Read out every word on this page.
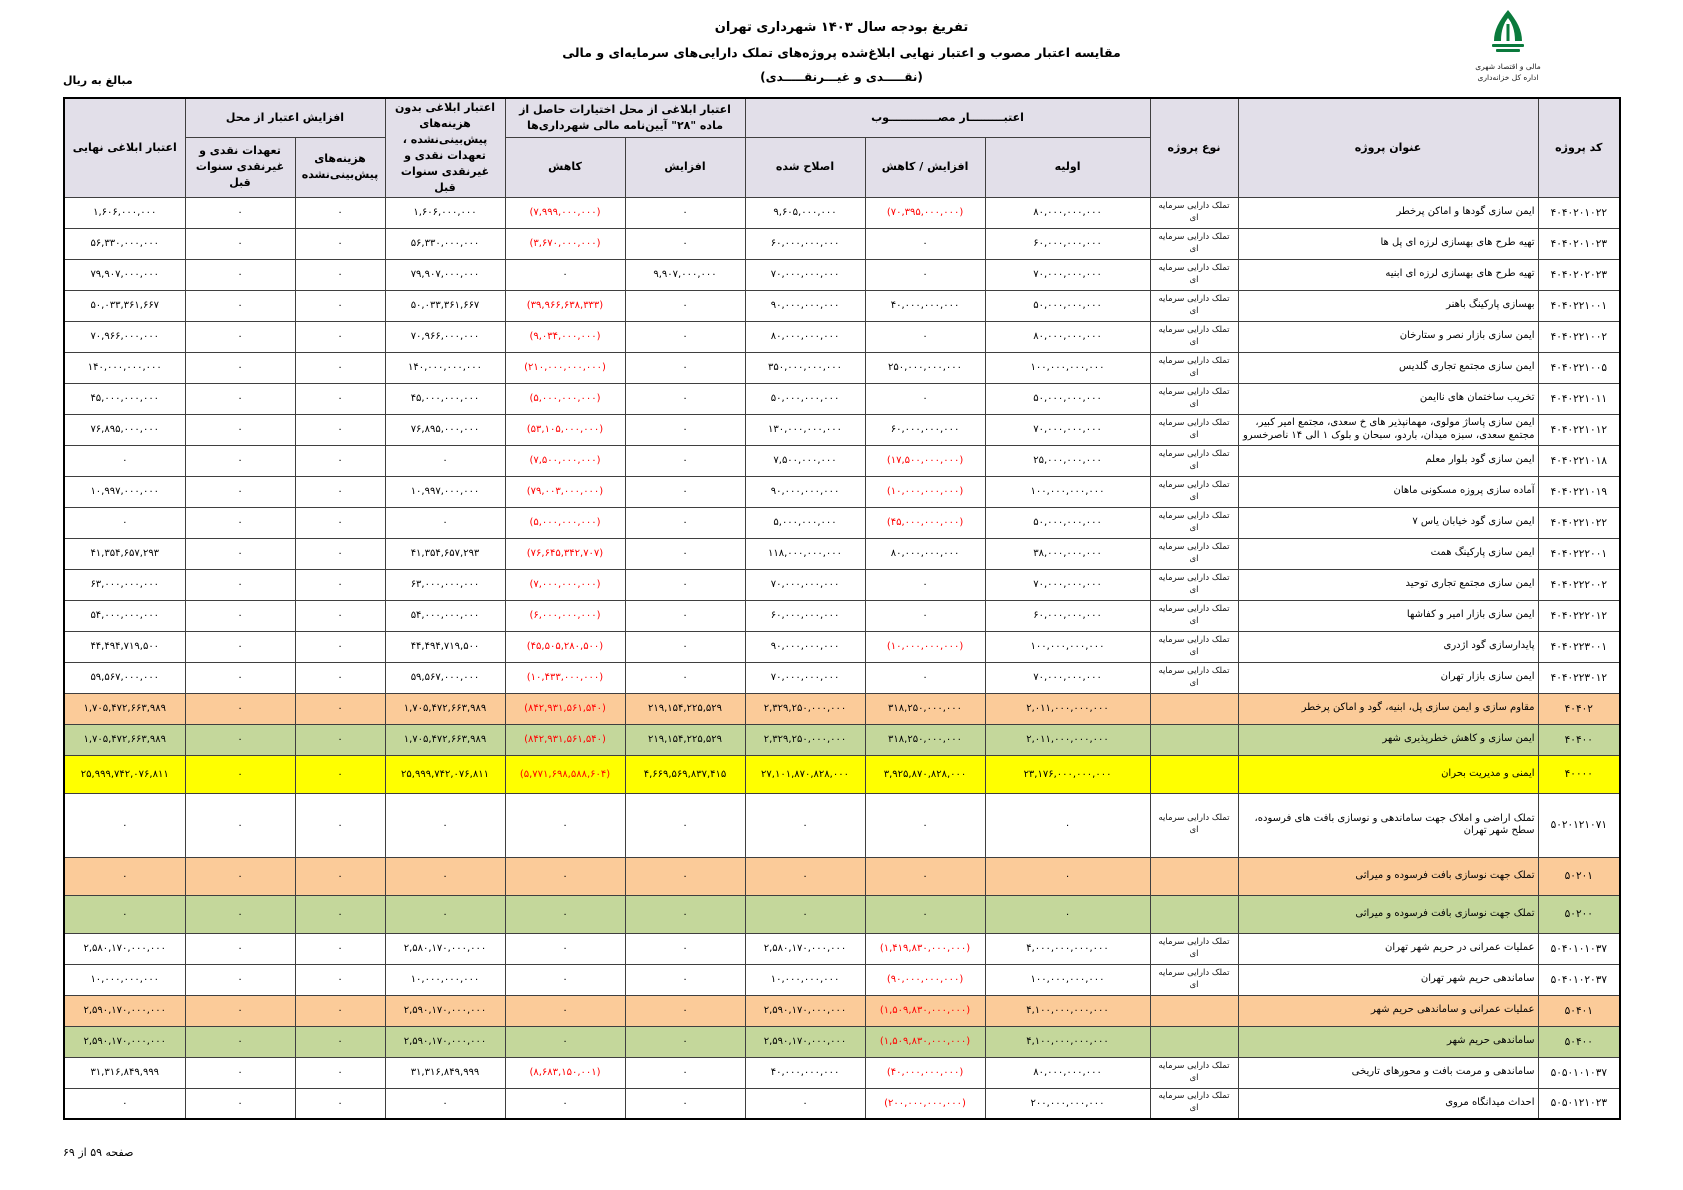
مالی و اقتصاد شهری
اداره کل خزانه‌داری
تفریغ بودجه سال ۱۴۰۳ شهرداری تهران
مقایسه اعتبار مصوب و اعتبار نهایی ابلاغ‌شده پروژه‌های تملک دارایی‌های سرمایه‌ای و مالی
(نقـــــدی و غیـــرنقـــــدی)
مبالغ به ریال
کد پروژه	عنوان پروژه	نوع پروژه	اعتبـــــــــار مصـــــــــــــوب			اعتبار ابلاغی از محل اختیارات حاصل از ماده "۲۸" آیین‌نامه مالی شهرداری‌ها		اعتبار ابلاغی بدون هزینه‌های پیش‌بینی‌نشده ، تعهدات نقدی و غیرنقدی سنوات قبل	افزایش اعتبار از محل		اعتبار ابلاغی نهایی
			اولیه	افزایش / کاهش	اصلاح شده	افزایش	کاهش		هزینه‌های پیش‌بینی‌نشده	تعهدات نقدی و غیرنقدی سنوات قبل	
۴۰۴۰۲۰۱۰۲۲	ایمن سازی گودها و اماکن پرخطر	تملک دارایی سرمایه ای	۸۰,۰۰۰,۰۰۰,۰۰۰	(۷۰,۳۹۵,۰۰۰,۰۰۰)	۹,۶۰۵,۰۰۰,۰۰۰	۰	(۷,۹۹۹,۰۰۰,۰۰۰)	۱,۶۰۶,۰۰۰,۰۰۰	۰	۰	۱,۶۰۶,۰۰۰,۰۰۰
۴۰۴۰۲۰۱۰۲۳	تهیه طرح های بهسازی لرزه ای پل ها	تملک دارایی سرمایه ای	۶۰,۰۰۰,۰۰۰,۰۰۰	۰	۶۰,۰۰۰,۰۰۰,۰۰۰	۰	(۳,۶۷۰,۰۰۰,۰۰۰)	۵۶,۳۳۰,۰۰۰,۰۰۰	۰	۰	۵۶,۳۳۰,۰۰۰,۰۰۰
۴۰۴۰۲۰۲۰۲۳	تهیه طرح های بهسازی لرزه ای ابنیه	تملک دارایی سرمایه ای	۷۰,۰۰۰,۰۰۰,۰۰۰	۰	۷۰,۰۰۰,۰۰۰,۰۰۰	۹,۹۰۷,۰۰۰,۰۰۰	۰	۷۹,۹۰۷,۰۰۰,۰۰۰	۰	۰	۷۹,۹۰۷,۰۰۰,۰۰۰
۴۰۴۰۲۲۱۰۰۱	بهسازی پارکینگ باهنر	تملک دارایی سرمایه ای	۵۰,۰۰۰,۰۰۰,۰۰۰	۴۰,۰۰۰,۰۰۰,۰۰۰	۹۰,۰۰۰,۰۰۰,۰۰۰	۰	(۳۹,۹۶۶,۶۳۸,۳۳۳)	۵۰,۰۳۳,۳۶۱,۶۶۷	۰	۰	۵۰,۰۳۳,۳۶۱,۶۶۷
۴۰۴۰۲۲۱۰۰۲	ایمن سازی بازار نصر و ستارخان	تملک دارایی سرمایه ای	۸۰,۰۰۰,۰۰۰,۰۰۰	۰	۸۰,۰۰۰,۰۰۰,۰۰۰	۰	(۹,۰۳۴,۰۰۰,۰۰۰)	۷۰,۹۶۶,۰۰۰,۰۰۰	۰	۰	۷۰,۹۶۶,۰۰۰,۰۰۰
۴۰۴۰۲۲۱۰۰۵	ایمن سازی مجتمع تجاری گلدیس	تملک دارایی سرمایه ای	۱۰۰,۰۰۰,۰۰۰,۰۰۰	۲۵۰,۰۰۰,۰۰۰,۰۰۰	۳۵۰,۰۰۰,۰۰۰,۰۰۰	۰	(۲۱۰,۰۰۰,۰۰۰,۰۰۰)	۱۴۰,۰۰۰,۰۰۰,۰۰۰	۰	۰	۱۴۰,۰۰۰,۰۰۰,۰۰۰
۴۰۴۰۲۲۱۰۱۱	تخریب ساختمان های ناایمن	تملک دارایی سرمایه ای	۵۰,۰۰۰,۰۰۰,۰۰۰	۰	۵۰,۰۰۰,۰۰۰,۰۰۰	۰	(۵,۰۰۰,۰۰۰,۰۰۰)	۴۵,۰۰۰,۰۰۰,۰۰۰	۰	۰	۴۵,۰۰۰,۰۰۰,۰۰۰
۴۰۴۰۲۲۱۰۱۲	ایمن سازی پاساژ مولوی، مهمانپذیر های خ سعدی، مجتمع امیر کبیر، مجتمع سعدی، سبزه میدان، باردو، سبحان و بلوک ۱ الی ۱۴ ناصرخسرو	تملک دارایی سرمایه ای	۷۰,۰۰۰,۰۰۰,۰۰۰	۶۰,۰۰۰,۰۰۰,۰۰۰	۱۳۰,۰۰۰,۰۰۰,۰۰۰	۰	(۵۳,۱۰۵,۰۰۰,۰۰۰)	۷۶,۸۹۵,۰۰۰,۰۰۰	۰	۰	۷۶,۸۹۵,۰۰۰,۰۰۰
۴۰۴۰۲۲۱۰۱۸	ایمن سازی گود بلوار معلم	تملک دارایی سرمایه ای	۲۵,۰۰۰,۰۰۰,۰۰۰	(۱۷,۵۰۰,۰۰۰,۰۰۰)	۷,۵۰۰,۰۰۰,۰۰۰	۰	(۷,۵۰۰,۰۰۰,۰۰۰)	۰	۰	۰	۰
۴۰۴۰۲۲۱۰۱۹	آماده سازی پروزه مسکونی ماهان	تملک دارایی سرمایه ای	۱۰۰,۰۰۰,۰۰۰,۰۰۰	(۱۰,۰۰۰,۰۰۰,۰۰۰)	۹۰,۰۰۰,۰۰۰,۰۰۰	۰	(۷۹,۰۰۳,۰۰۰,۰۰۰)	۱۰,۹۹۷,۰۰۰,۰۰۰	۰	۰	۱۰,۹۹۷,۰۰۰,۰۰۰
۴۰۴۰۲۲۱۰۲۲	ایمن سازی گود خیابان یاس ۷	تملک دارایی سرمایه ای	۵۰,۰۰۰,۰۰۰,۰۰۰	(۴۵,۰۰۰,۰۰۰,۰۰۰)	۵,۰۰۰,۰۰۰,۰۰۰	۰	(۵,۰۰۰,۰۰۰,۰۰۰)	۰	۰	۰	۰
۴۰۴۰۲۲۲۰۰۱	ایمن سازی پارکینگ همت	تملک دارایی سرمایه ای	۳۸,۰۰۰,۰۰۰,۰۰۰	۸۰,۰۰۰,۰۰۰,۰۰۰	۱۱۸,۰۰۰,۰۰۰,۰۰۰	۰	(۷۶,۶۴۵,۳۴۲,۷۰۷)	۴۱,۳۵۴,۶۵۷,۲۹۳	۰	۰	۴۱,۳۵۴,۶۵۷,۲۹۳
۴۰۴۰۲۲۲۰۰۲	ایمن سازی مجتمع تجاری توحید	تملک دارایی سرمایه ای	۷۰,۰۰۰,۰۰۰,۰۰۰	۰	۷۰,۰۰۰,۰۰۰,۰۰۰	۰	(۷,۰۰۰,۰۰۰,۰۰۰)	۶۳,۰۰۰,۰۰۰,۰۰۰	۰	۰	۶۳,۰۰۰,۰۰۰,۰۰۰
۴۰۴۰۲۲۲۰۱۲	ایمن سازی بازار امیر و کفاشها	تملک دارایی سرمایه ای	۶۰,۰۰۰,۰۰۰,۰۰۰	۰	۶۰,۰۰۰,۰۰۰,۰۰۰	۰	(۶,۰۰۰,۰۰۰,۰۰۰)	۵۴,۰۰۰,۰۰۰,۰۰۰	۰	۰	۵۴,۰۰۰,۰۰۰,۰۰۰
۴۰۴۰۲۲۳۰۰۱	پایدارسازی گود اژدری	تملک دارایی سرمایه ای	۱۰۰,۰۰۰,۰۰۰,۰۰۰	(۱۰,۰۰۰,۰۰۰,۰۰۰)	۹۰,۰۰۰,۰۰۰,۰۰۰	۰	(۴۵,۵۰۵,۲۸۰,۵۰۰)	۴۴,۴۹۴,۷۱۹,۵۰۰	۰	۰	۴۴,۴۹۴,۷۱۹,۵۰۰
۴۰۴۰۲۲۳۰۱۲	ایمن سازی بازار تهران	تملک دارایی سرمایه ای	۷۰,۰۰۰,۰۰۰,۰۰۰	۰	۷۰,۰۰۰,۰۰۰,۰۰۰	۰	(۱۰,۴۳۳,۰۰۰,۰۰۰)	۵۹,۵۶۷,۰۰۰,۰۰۰	۰	۰	۵۹,۵۶۷,۰۰۰,۰۰۰
۴۰۴۰۲	مقاوم سازی و ایمن سازی پل، ابنیه، گود و اماکن پرخطر		۲,۰۱۱,۰۰۰,۰۰۰,۰۰۰	۳۱۸,۲۵۰,۰۰۰,۰۰۰	۲,۳۲۹,۲۵۰,۰۰۰,۰۰۰	۲۱۹,۱۵۴,۲۲۵,۵۲۹	(۸۴۲,۹۳۱,۵۶۱,۵۴۰)	۱,۷۰۵,۴۷۲,۶۶۳,۹۸۹	۰	۰	۱,۷۰۵,۴۷۲,۶۶۳,۹۸۹
۴۰۴۰۰	ایمن سازی و کاهش خطرپذیری شهر		۲,۰۱۱,۰۰۰,۰۰۰,۰۰۰	۳۱۸,۲۵۰,۰۰۰,۰۰۰	۲,۳۲۹,۲۵۰,۰۰۰,۰۰۰	۲۱۹,۱۵۴,۲۲۵,۵۲۹	(۸۴۲,۹۳۱,۵۶۱,۵۴۰)	۱,۷۰۵,۴۷۲,۶۶۳,۹۸۹	۰	۰	۱,۷۰۵,۴۷۲,۶۶۳,۹۸۹
۴۰۰۰۰	ایمنی و مدیریت بحران		۲۳,۱۷۶,۰۰۰,۰۰۰,۰۰۰	۳,۹۲۵,۸۷۰,۸۲۸,۰۰۰	۲۷,۱۰۱,۸۷۰,۸۲۸,۰۰۰	۴,۶۶۹,۵۶۹,۸۳۷,۴۱۵	(۵,۷۷۱,۶۹۸,۵۸۸,۶۰۴)	۲۵,۹۹۹,۷۴۲,۰۷۶,۸۱۱	۰	۰	۲۵,۹۹۹,۷۴۲,۰۷۶,۸۱۱
۵۰۲۰۱۲۱۰۷۱	تملک اراضی و املاک جهت ساماندهی و نوسازی بافت های فرسوده، سطح شهر تهران	تملک دارایی سرمایه ای	۰	۰	۰	۰	۰	۰	۰	۰	۰
۵۰۲۰۱	تملک جهت نوسازی بافت فرسوده و میراثی		۰	۰	۰	۰	۰	۰	۰	۰	۰
۵۰۲۰۰	تملک جهت نوسازی بافت فرسوده و میراثی		۰	۰	۰	۰	۰	۰	۰	۰	۰
۵۰۴۰۱۰۱۰۳۷	عملیات عمرانی در حریم شهر تهران	تملک دارایی سرمایه ای	۴,۰۰۰,۰۰۰,۰۰۰,۰۰۰	(۱,۴۱۹,۸۳۰,۰۰۰,۰۰۰)	۲,۵۸۰,۱۷۰,۰۰۰,۰۰۰	۰	۰	۲,۵۸۰,۱۷۰,۰۰۰,۰۰۰	۰	۰	۲,۵۸۰,۱۷۰,۰۰۰,۰۰۰
۵۰۴۰۱۰۲۰۳۷	ساماندهی حریم شهر تهران	تملک دارایی سرمایه ای	۱۰۰,۰۰۰,۰۰۰,۰۰۰	(۹۰,۰۰۰,۰۰۰,۰۰۰)	۱۰,۰۰۰,۰۰۰,۰۰۰	۰	۰	۱۰,۰۰۰,۰۰۰,۰۰۰	۰	۰	۱۰,۰۰۰,۰۰۰,۰۰۰
۵۰۴۰۱	عملیات عمرانی و ساماندهی حریم شهر		۴,۱۰۰,۰۰۰,۰۰۰,۰۰۰	(۱,۵۰۹,۸۳۰,۰۰۰,۰۰۰)	۲,۵۹۰,۱۷۰,۰۰۰,۰۰۰	۰	۰	۲,۵۹۰,۱۷۰,۰۰۰,۰۰۰	۰	۰	۲,۵۹۰,۱۷۰,۰۰۰,۰۰۰
۵۰۴۰۰	ساماندهی حریم شهر		۴,۱۰۰,۰۰۰,۰۰۰,۰۰۰	(۱,۵۰۹,۸۳۰,۰۰۰,۰۰۰)	۲,۵۹۰,۱۷۰,۰۰۰,۰۰۰	۰	۰	۲,۵۹۰,۱۷۰,۰۰۰,۰۰۰	۰	۰	۲,۵۹۰,۱۷۰,۰۰۰,۰۰۰
۵۰۵۰۱۰۱۰۳۷	ساماندهی و مرمت بافت و محورهای تاریخی	تملک دارایی سرمایه ای	۸۰,۰۰۰,۰۰۰,۰۰۰	(۴۰,۰۰۰,۰۰۰,۰۰۰)	۴۰,۰۰۰,۰۰۰,۰۰۰	۰	(۸,۶۸۳,۱۵۰,۰۰۱)	۳۱,۳۱۶,۸۴۹,۹۹۹	۰	۰	۳۱,۳۱۶,۸۴۹,۹۹۹
۵۰۵۰۱۲۱۰۲۳	احداث میدانگاه مروی	تملک دارایی سرمایه ای	۲۰۰,۰۰۰,۰۰۰,۰۰۰	(۲۰۰,۰۰۰,۰۰۰,۰۰۰)	۰	۰	۰	۰	۰	۰	۰
صفحه ۵۹ از ۶۹
